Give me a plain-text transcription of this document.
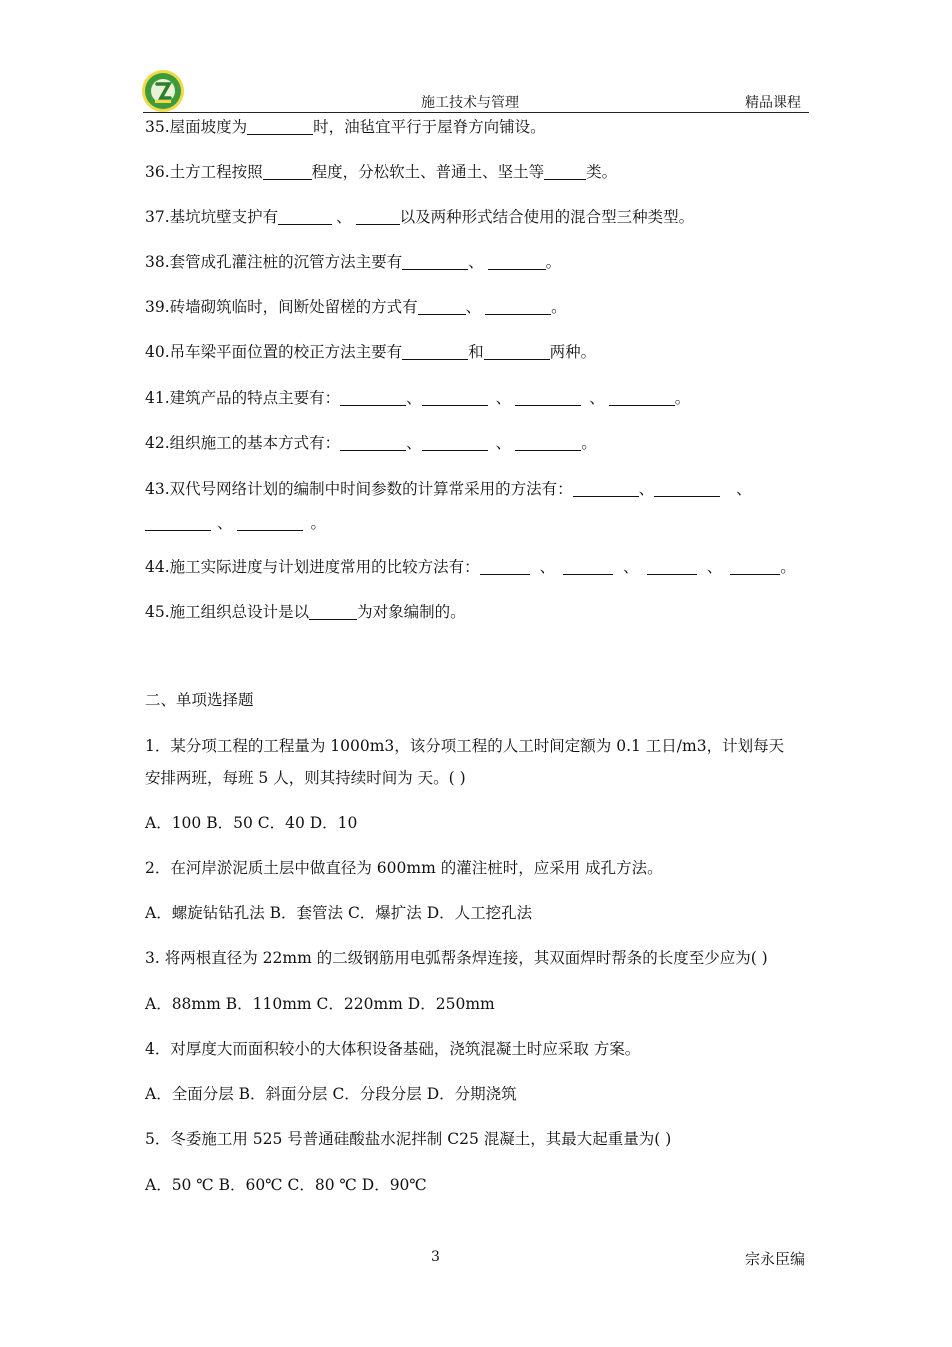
施工技术与管理	精品课程
35.屋面坡度为	时，油毡宜平行于屋脊方向铺设。
36.土方工程按照	程度，分松软土、普通土、坚土等	类。
37.基坑坑壁支护有	、	以及两种形式结合使用的混合型三种类型。
38.套管成孔灌注桩的沉管方法主要有	、	。
39.砖墙砌筑临时，间断处留槎的方式有	、	。
40.吊车梁平面位置的校正方法主要有	和	两种。
41.建筑产品的特点主要有：	、	、	、	。
42.组织施工的基本方式有：	、	、	。
43.双代号网络计划的编制中时间参数的计算常采用的方法有：	、	、
、	。
44.施工实际进度与计划进度常用的比较方法有：	、	、	、	。
45.施工组织总设计是以	为对象编制的。
二、单项选择题
1．某分项工程的工程量为 1000m3，该分项工程的人工时间定额为 0.1 工日/m3，计划每天
安排两班，每班 5 人，则其持续时间为 天。( )
A．100 B．50 C．40 D．10
2．在河岸淤泥质土层中做直径为 600mm 的灌注桩时，应采用 成孔方法。
A．螺旋钻钻孔法 B．套管法 C．爆扩法 D．人工挖孔法
3. 将两根直径为 22mm 的二级钢筋用电弧帮条焊连接，其双面焊时帮条的长度至少应为( )
A．88mm B．110mm C．220mm D．250mm
4．对厚度大而面积较小的大体积设备基础，浇筑混凝土时应采取 方案。
A．全面分层 B．斜面分层 C．分段分层 D．分期浇筑
5．冬委施工用 525 号普通硅酸盐水泥拌制 C25 混凝土，其最大起重量为( )
A．50 ℃ B．60℃ C．80 ℃ D．90℃
3	宗永臣编
